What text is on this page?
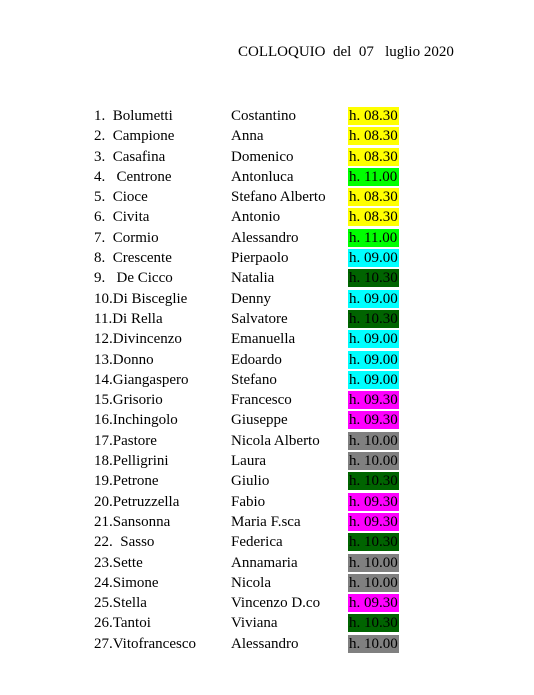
COLLOQUIO  del  07   luglio 2020
1.  Bolumetti	Costantino	h. 08.30
2.  Campione	Anna	h. 08.30
3.  Casafina	Domenico	h. 08.30
4.   Centrone	Antonluca	h. 11.00
5.  Cioce	Stefano Alberto h. 08.30
6.  Civita	Antonio	h. 08.30
7.  Cormio	Alessandro	h. 11.00
8.  Crescente	Pierpaolo	h. 09.00
9.   De Cicco	Natalia	h. 10.30
10.Di Bisceglie	Denny	h. 09.00
11.Di Rella	Salvatore	h. 10.30
12.Divincenzo	Emanuella	h. 09.00
13.Donno	Edoardo	h. 09.00
14.Giangaspero	Stefano	h. 09.00
15.Grisorio	Francesco	h. 09.30
16.Inchingolo	Giuseppe	h. 09.30
17.Pastore	Nicola Alberto h. 10.00
18.Pelligrini	Laura	h. 10.00
19.Petrone	Giulio	h. 10.30
20.Petruzzella	Fabio	h. 09.30
21.Sansonna	Maria F.sca	h. 09.30
22.  Sasso	Federica	h. 10.30
23.Sette	Annamaria	h. 10.00
24.Simone	Nicola	h. 10.00
25.Stella	Vincenzo D.co h. 09.30
26.Tantoi	Viviana	h. 10.30
27.Vitofrancesco Alessandro	h. 10.00
